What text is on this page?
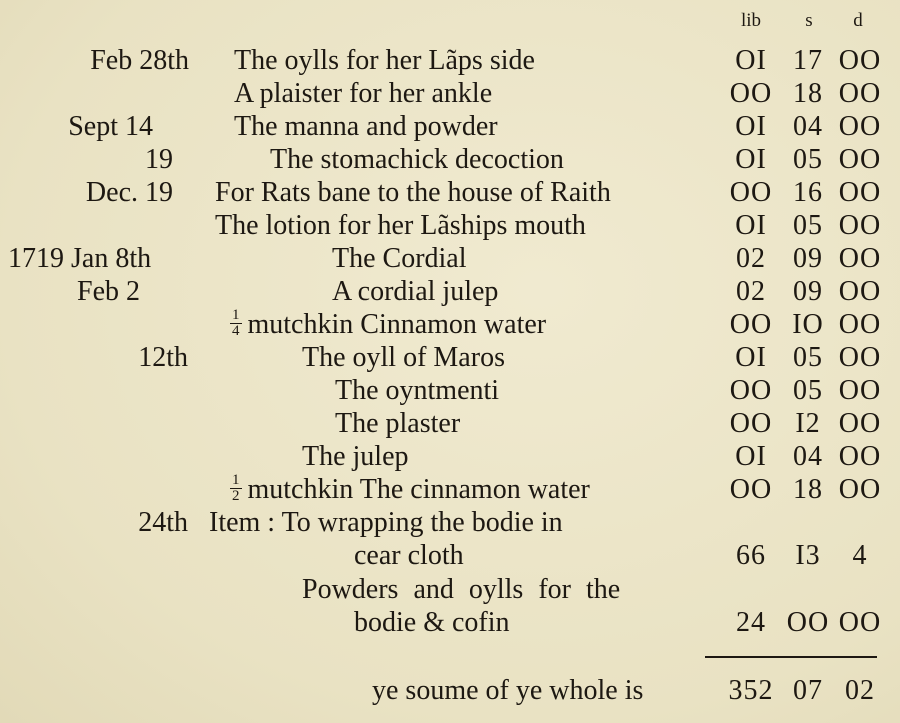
lib	s	d
Feb 28th The oylls for her Lãps side	OI 17 OO
A plaister for her ankle	OO 18 OO
Sept 14	The manna and powder	OI 04 OO
19	The stomachick decoction	OI 05 OO
Dec. 19 For Rats bane to the house of Raith	OO 16 OO
The lotion for her Lãships mouth	OI 05 OO
1719 Jan 8th	The Cordial	02 09 OO
Feb 2	A cordial julep	02 09 OO
$\frac{1}{4}$ mutchkin Cinnamon water	OO IO OO
12th	The oyll of Maros	OI 05 OO
The oyntmenti	OO 05 OO
The plaster	OO I2 OO
The julep	OI 04 OO
$\frac{1}{2}$ mutchkin The cinnamon water	OO 18 OO
24th Item : To wrapping the bodie in
cear cloth	66	I3	4
Powders and oylls for the
bodie & cofin	24 OO OO
ye soume of ye whole is	352 07 02
